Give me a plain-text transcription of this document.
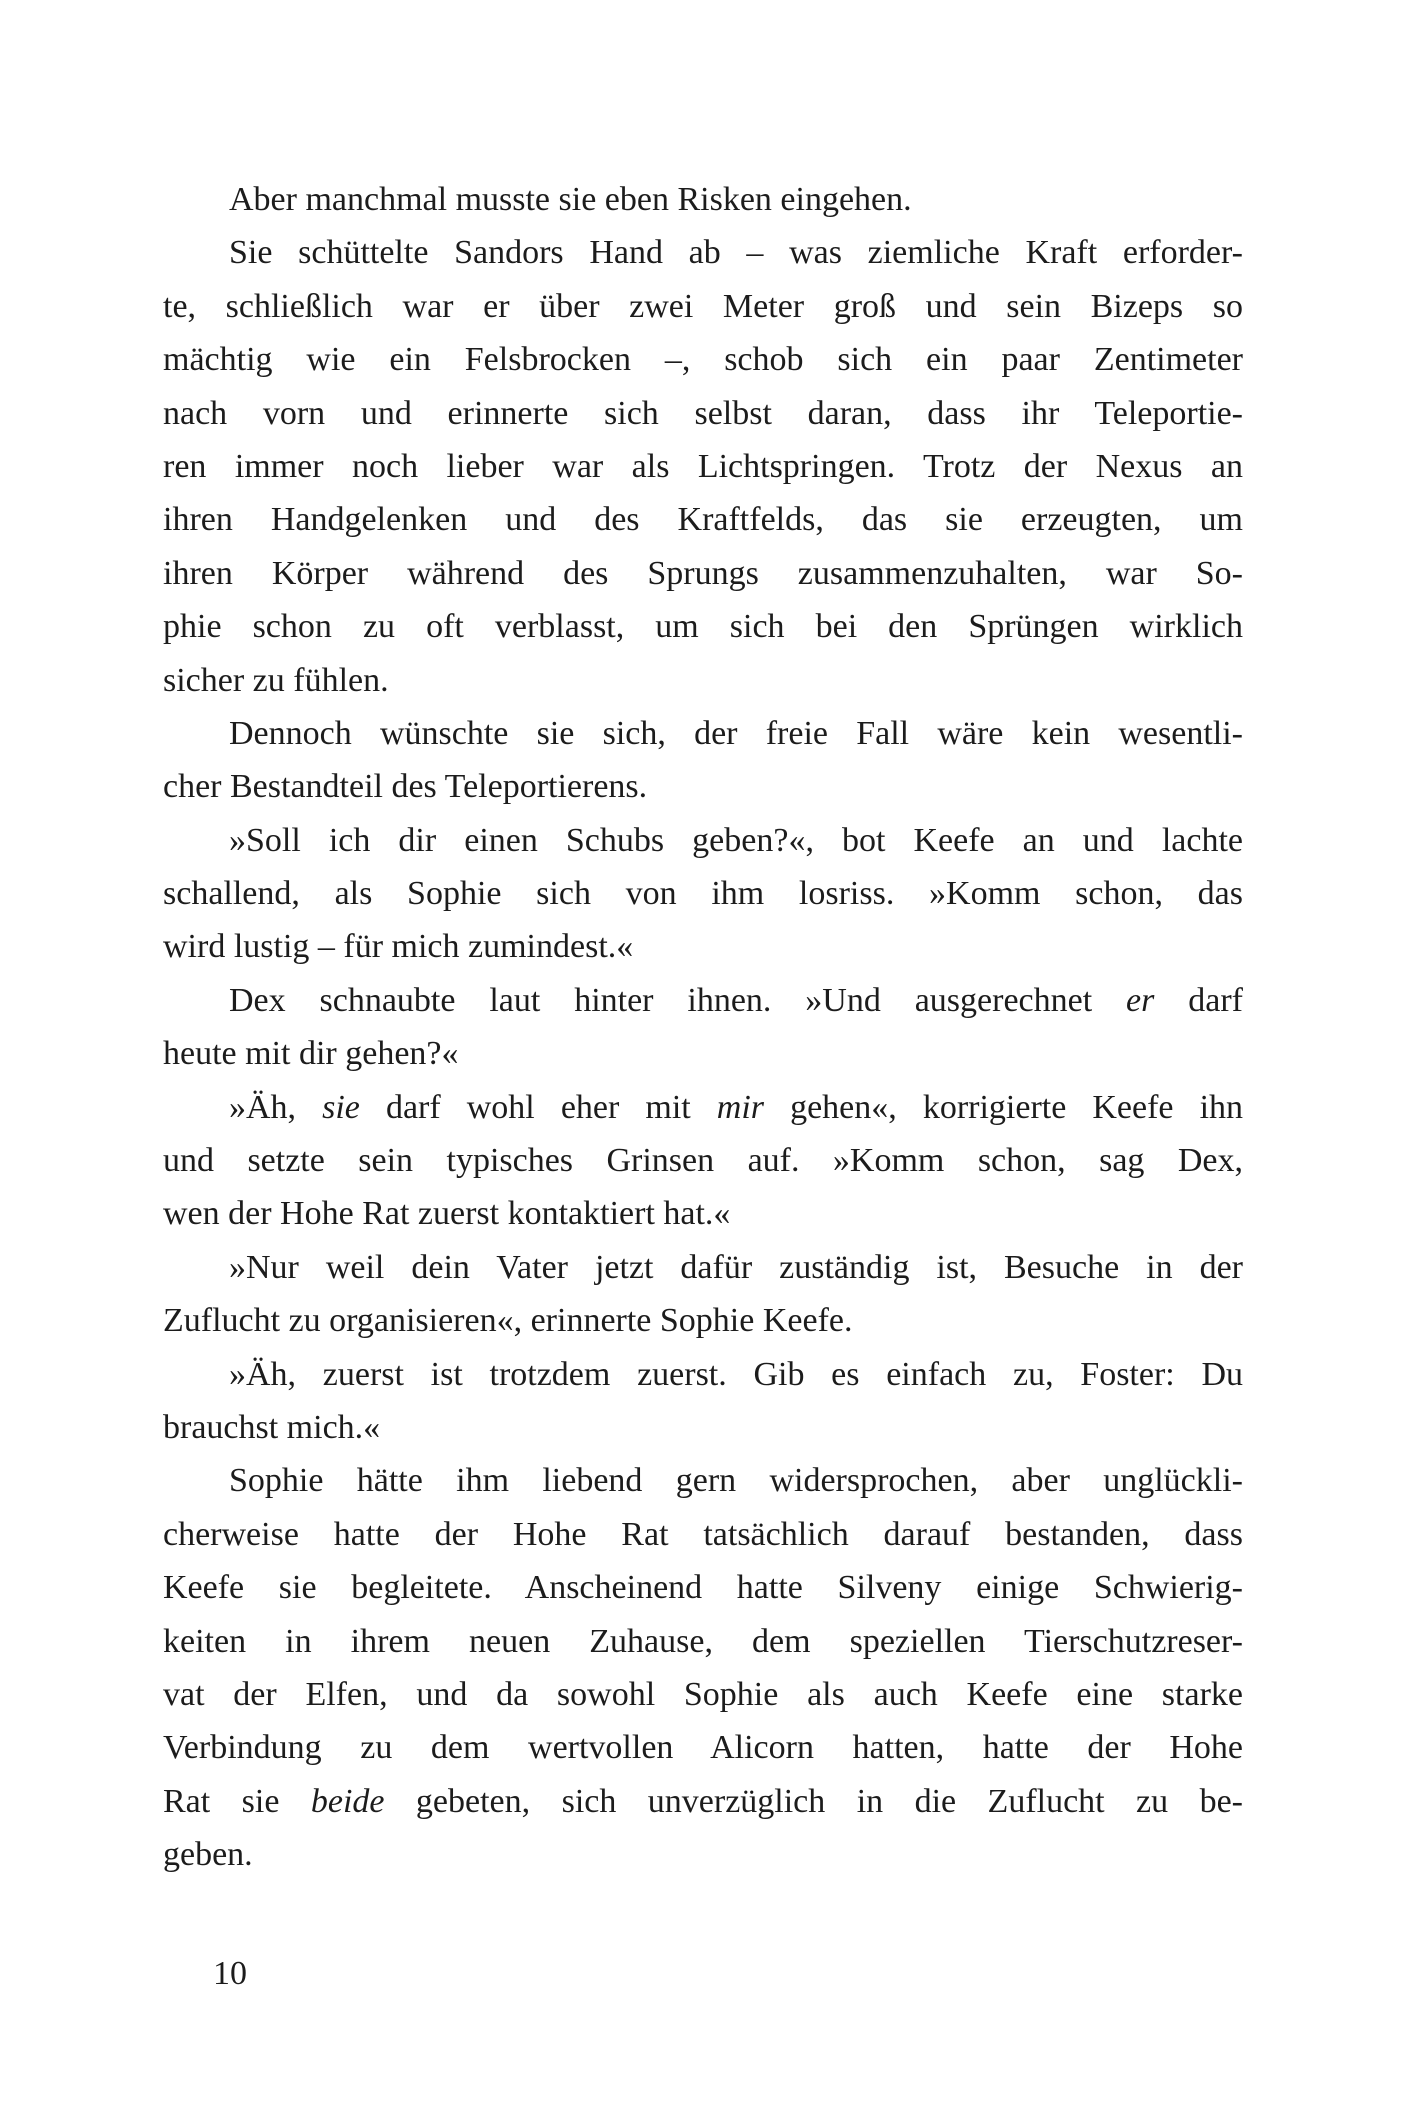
Aber manchmal musste sie eben Risken eingehen.
Sie schüttelte Sandors Hand ab – was ziemliche Kraft erforder-
te, schließlich war er über zwei Meter groß und sein Bizeps so
mächtig wie ein Felsbrocken –, schob sich ein paar Zentimeter
nach vorn und erinnerte sich selbst daran, dass ihr Teleportie-
ren immer noch lieber war als Lichtspringen. Trotz der Nexus an
ihren Handgelenken und des Kraftfelds, das sie erzeugten, um
ihren Körper während des Sprungs zusammenzuhalten, war So-
phie schon zu oft verblasst, um sich bei den Sprüngen wirklich
sicher zu fühlen.
Dennoch wünschte sie sich, der freie Fall wäre kein wesentli-
cher Bestandteil des Teleportierens.
»Soll ich dir einen Schubs geben?«, bot Keefe an und lachte
schallend, als Sophie sich von ihm losriss. »Komm schon, das
wird lustig – für mich zumindest.«
Dex schnaubte laut hinter ihnen. »Und ausgerechnet er darf
heute mit dir gehen?«
»Äh, sie darf wohl eher mit mir gehen«, korrigierte Keefe ihn
und setzte sein typisches Grinsen auf. »Komm schon, sag Dex,
wen der Hohe Rat zuerst kontaktiert hat.«
»Nur weil dein Vater jetzt dafür zuständig ist, Besuche in der
Zuflucht zu organisieren«, erinnerte Sophie Keefe.
»Äh, zuerst ist trotzdem zuerst. Gib es einfach zu, Foster: Du
brauchst mich.«
Sophie hätte ihm liebend gern widersprochen, aber unglückli-
cherweise hatte der Hohe Rat tatsächlich darauf bestanden, dass
Keefe sie begleitete. Anscheinend hatte Silveny einige Schwierig-
keiten in ihrem neuen Zuhause, dem speziellen Tierschutzreser-
vat der Elfen, und da sowohl Sophie als auch Keefe eine starke
Verbindung zu dem wertvollen Alicorn hatten, hatte der Hohe
Rat sie beide gebeten, sich unverzüglich in die Zuflucht zu be-
geben.
10
